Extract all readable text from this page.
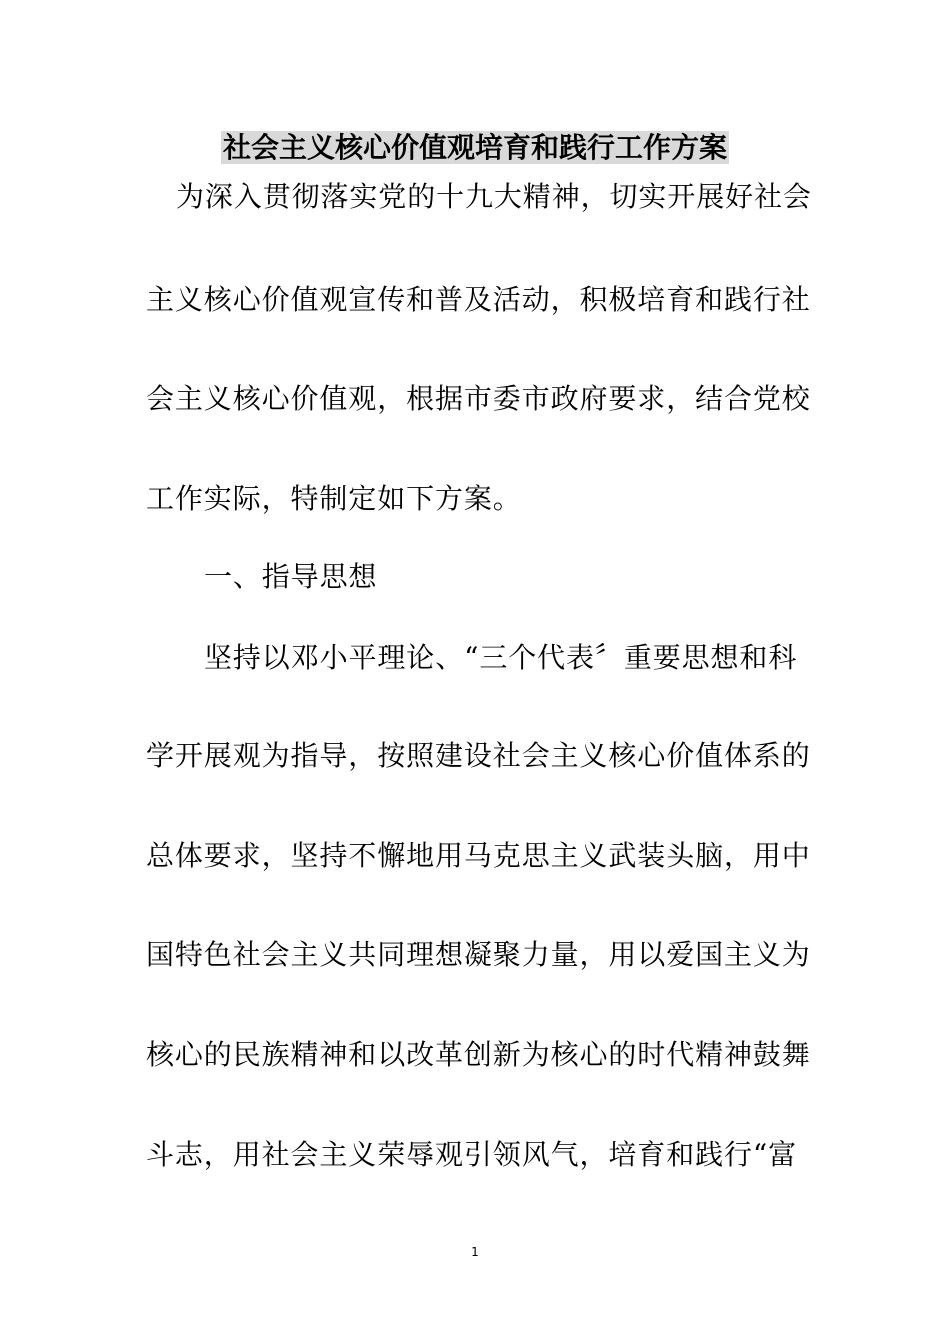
社会主义核心价值观培育和践行工作方案

为深入贯彻落实党的十九大精神，切实开展好社会

主义核心价值观宣传和普及活动，积极培育和践行社

会主义核心价值观，根据市委市政府要求，结合党校

工作实际，特制定如下方案。

一、指导思想

坚持以邓小平理论、“三个代表〞重要思想和科

学开展观为指导，按照建设社会主义核心价值体系的

总体要求，坚持不懈地用马克思主义武装头脑，用中

国特色社会主义共同理想凝聚力量，用以爱国主义为

核心的民族精神和以改革创新为核心的时代精神鼓舞

斗志，用社会主义荣辱观引领风气，培育和践行“富

1
